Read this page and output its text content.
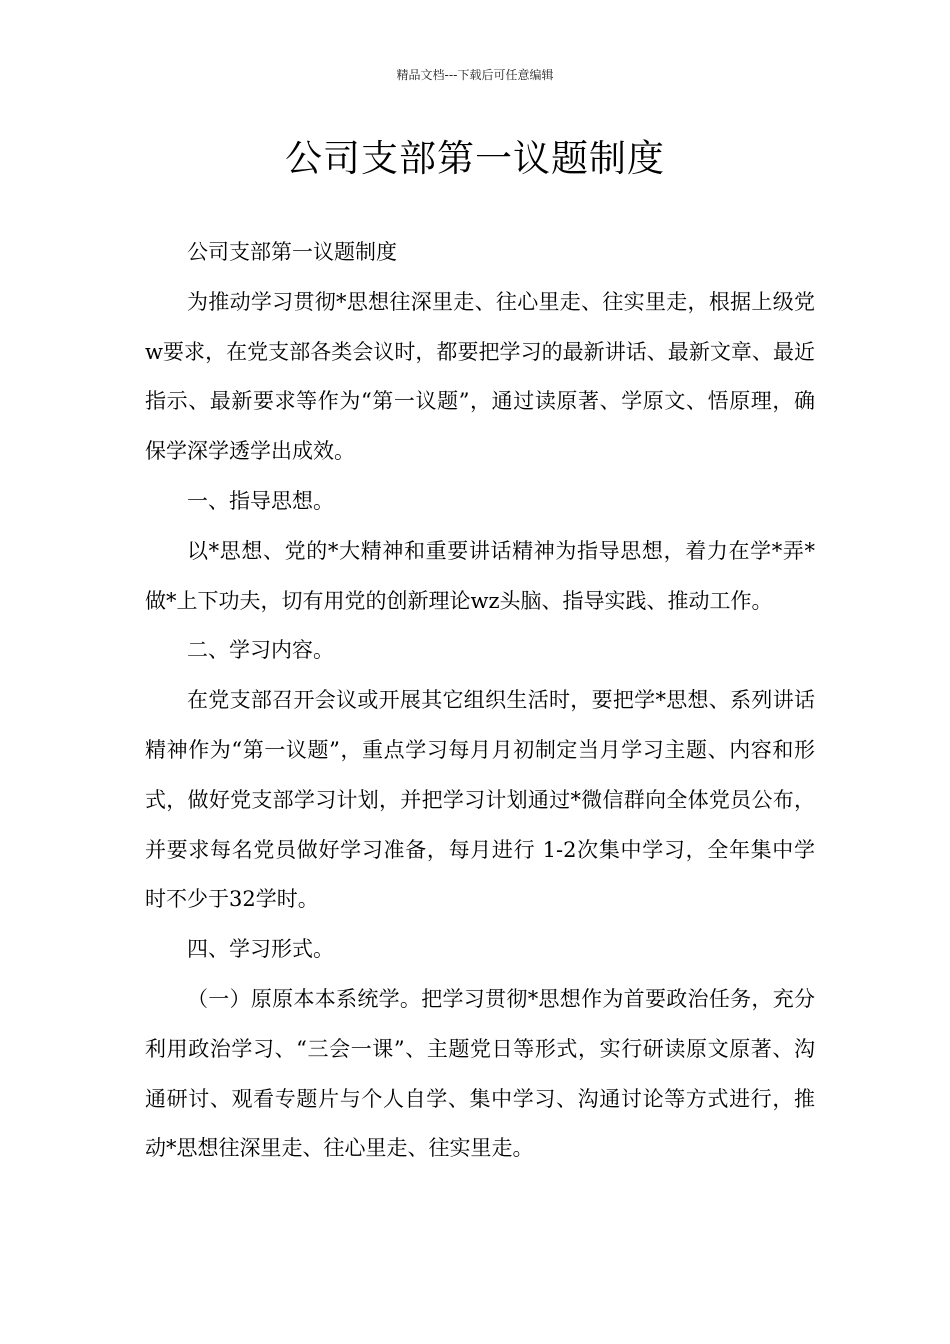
精品文档---下载后可任意编辑
公司支部第一议题制度

公司支部第一议题制度

为推动学习贯彻*思想往深里走、往心里走、往实里走，根据上级党w要求，在党支部各类会议时，都要把学习的最新讲话、最新文章、最近指示、最新要求等作为“第一议题”，通过读原著、学原文、悟原理，确保学深学透学出成效。

一、指导思想。

以*思想、党的*大精神和重要讲话精神为指导思想，着力在学*弄*做*上下功夫，切有用党的创新理论wz头脑、指导实践、推动工作。

二、学习内容。

在党支部召开会议或开展其它组织生活时，要把学*思想、系列讲话精神作为“第一议题”，重点学习每月月初制定当月学习主题、内容和形式，做好党支部学习计划，并把学习计划通过*微信群向全体党员公布，并要求每名党员做好学习准备，每月进行 1-2次集中学习，全年集中学时不少于32学时。

四、学习形式。

（一）原原本本系统学。把学习贯彻*思想作为首要政治任务，充分利用政治学习、“三会一课”、主题党日等形式，实行研读原文原著、沟通研讨、观看专题片与个人自学、集中学习、沟通讨论等方式进行，推动*思想往深里走、往心里走、往实里走。
